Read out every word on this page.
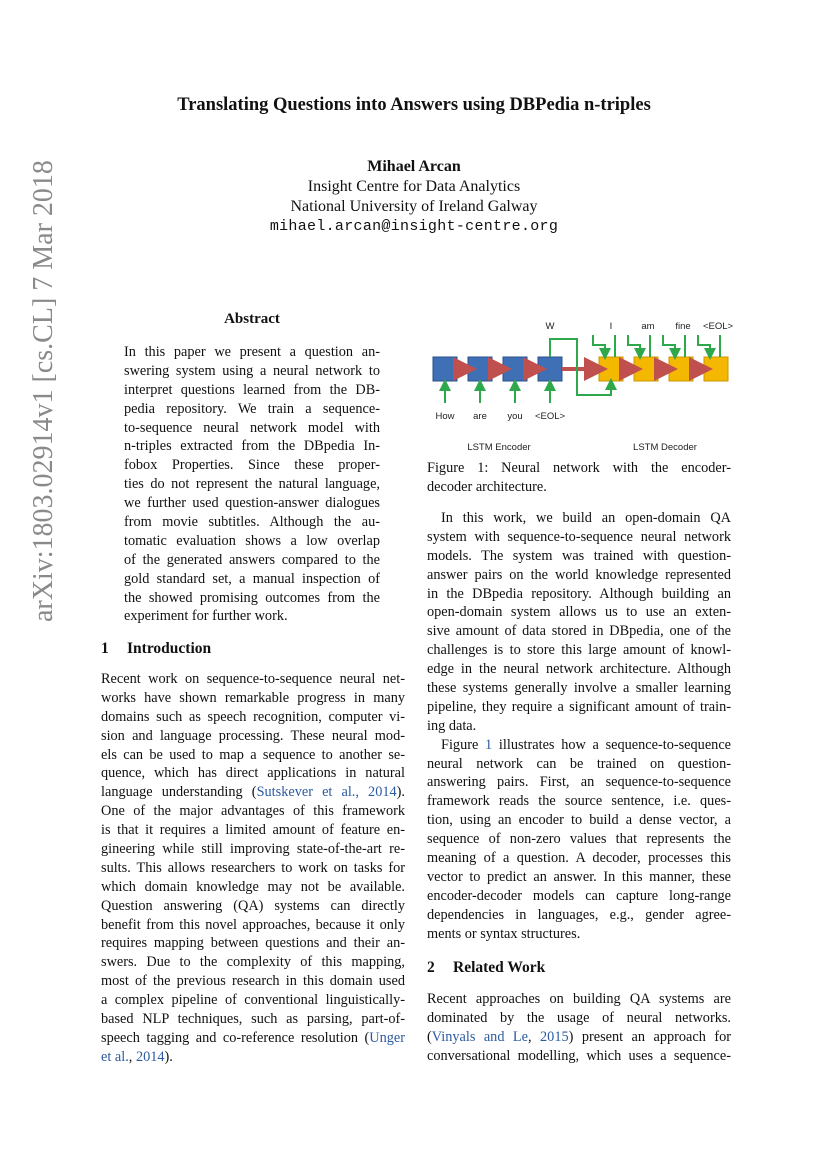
Translating Questions into Answers using DBPedia n-triples
Mihael Arcan
Insight Centre for Data Analytics
National University of Ireland Galway
mihael.arcan@insight-centre.org
arXiv:1803.02914v1 [cs.CL] 7 Mar 2018	Abstract
In this paper we present a question an-
swering system using a neural network to
interpret questions learned from the DB-
pedia repository. We train a sequence-
to-sequence neural network model with
n-triples extracted from the DBpedia In-
fobox Properties. Since these proper-
ties do not represent the natural language,
we further used question-answer dialogues
from movie subtitles. Although the au-
tomatic evaluation shows a low overlap
of the generated answers compared to the
gold standard set, a manual inspection of
the showed promising outcomes from the
experiment for further work.
1 Introduction
Recent work on sequence-to-sequence neural net-
works have shown remarkable progress in many
domains such as speech recognition, computer vi-
sion and language processing. These neural mod-
els can be used to map a sequence to another se-
quence, which has direct applications in natural
language understanding (Sutskever et al., 2014).
One of the major advantages of this framework
is that it requires a limited amount of feature en-
gineering while still improving state-of-the-art re-
sults. This allows researchers to work on tasks for
which domain knowledge may not be available.
Question answering (QA) systems can directly
benefit from this novel approaches, because it only
requires mapping between questions and their an-
swers. Due to the complexity of this mapping,
most of the previous research in this domain used
a complex pipeline of conventional linguistically-
based NLP techniques, such as parsing, part-of-
speech tagging and co-reference resolution (Unger
et al., 2014).
W	I	am fine <EOL>
How are you <EOL>
LSTM Encoder	LSTM Decoder
Figure 1: Neural network with the encoder-
decoder architecture.
In this work, we build an open-domain QA
system with sequence-to-sequence neural network
models. The system was trained with question-
answer pairs on the world knowledge represented
in the DBpedia repository. Although building an
open-domain system allows us to use an exten-
sive amount of data stored in DBpedia, one of the
challenges is to store this large amount of knowl-
edge in the neural network architecture. Although
these systems generally involve a smaller learning
pipeline, they require a significant amount of train-
ing data.
Figure 1 illustrates how a sequence-to-sequence
neural network can be trained on question-
answering pairs. First, an sequence-to-sequence
framework reads the source sentence, i.e. ques-
tion, using an encoder to build a dense vector, a
sequence of non-zero values that represents the
meaning of a question. A decoder, processes this
vector to predict an answer. In this manner, these
encoder-decoder models can capture long-range
dependencies in languages, e.g., gender agree-
ments or syntax structures.
2 Related Work
Recent approaches on building QA systems are
dominated by the usage of neural networks.
(Vinyals and Le, 2015) present an approach for
conversational modelling, which uses a sequence-
